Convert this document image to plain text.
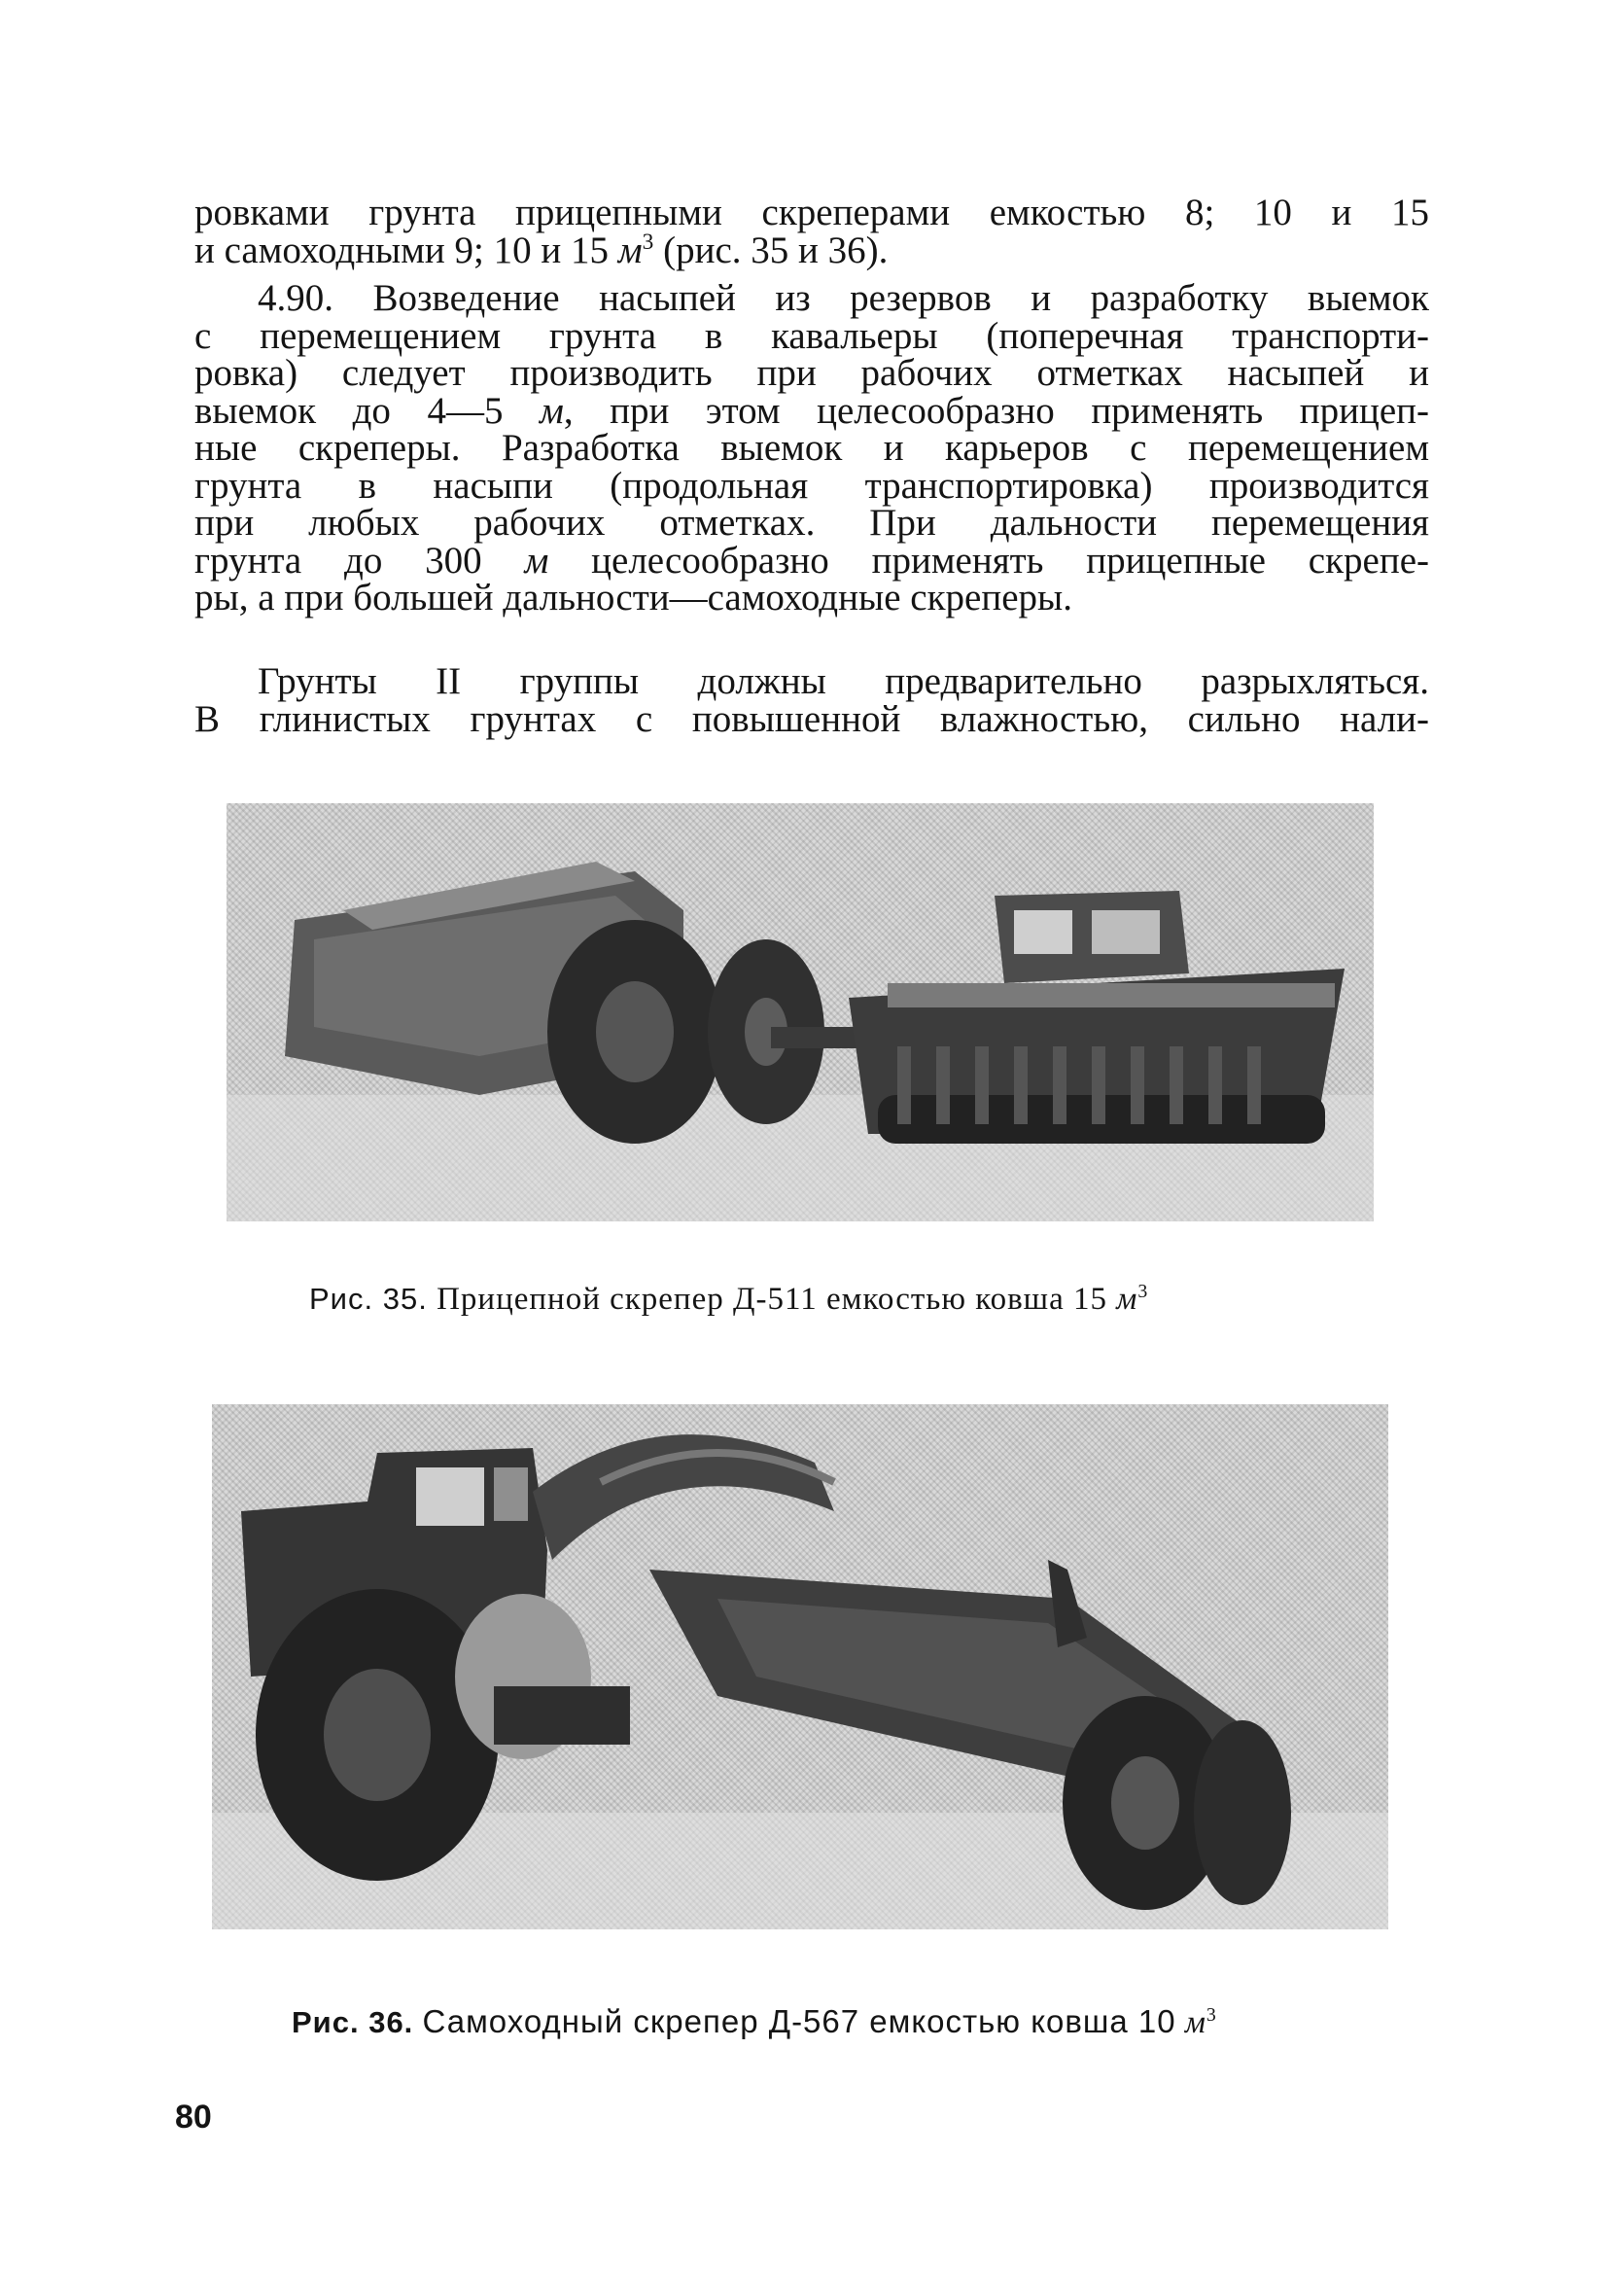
ровками грунта прицепными скреперами емкостью 8; 10 и 15
и самоходными 9; 10 и 15 $м^3$ (рис. 35 и 36).
4.90. Возведение насыпей из резервов и разработку выемок
с перемещением грунта в кавальеры (поперечная транспорти-
ровка) следует производить при рабочих отметках насыпей и
выемок до 4—5 м, при этом целесообразно применять прицеп-
ные скреперы. Разработка выемок и карьеров с перемещением
грунта в насыпи (продольная транспортировка) производится
при любых рабочих отметках. При дальности перемещения
грунта до 300 м целесообразно применять прицепные скрепе-
ры, а при большей дальности—самоходные скреперы.
Грунты II группы должны предварительно разрыхляться.
В глинистых грунтах с повышенной влажностью, сильно нали-
Рис. 35. Прицепной скрепер Д-511 емкостью ковша 15 $м^3$
Рис. 36. Самоходный скрепер Д-567 емкостью ковша 10 $м^3$
80
